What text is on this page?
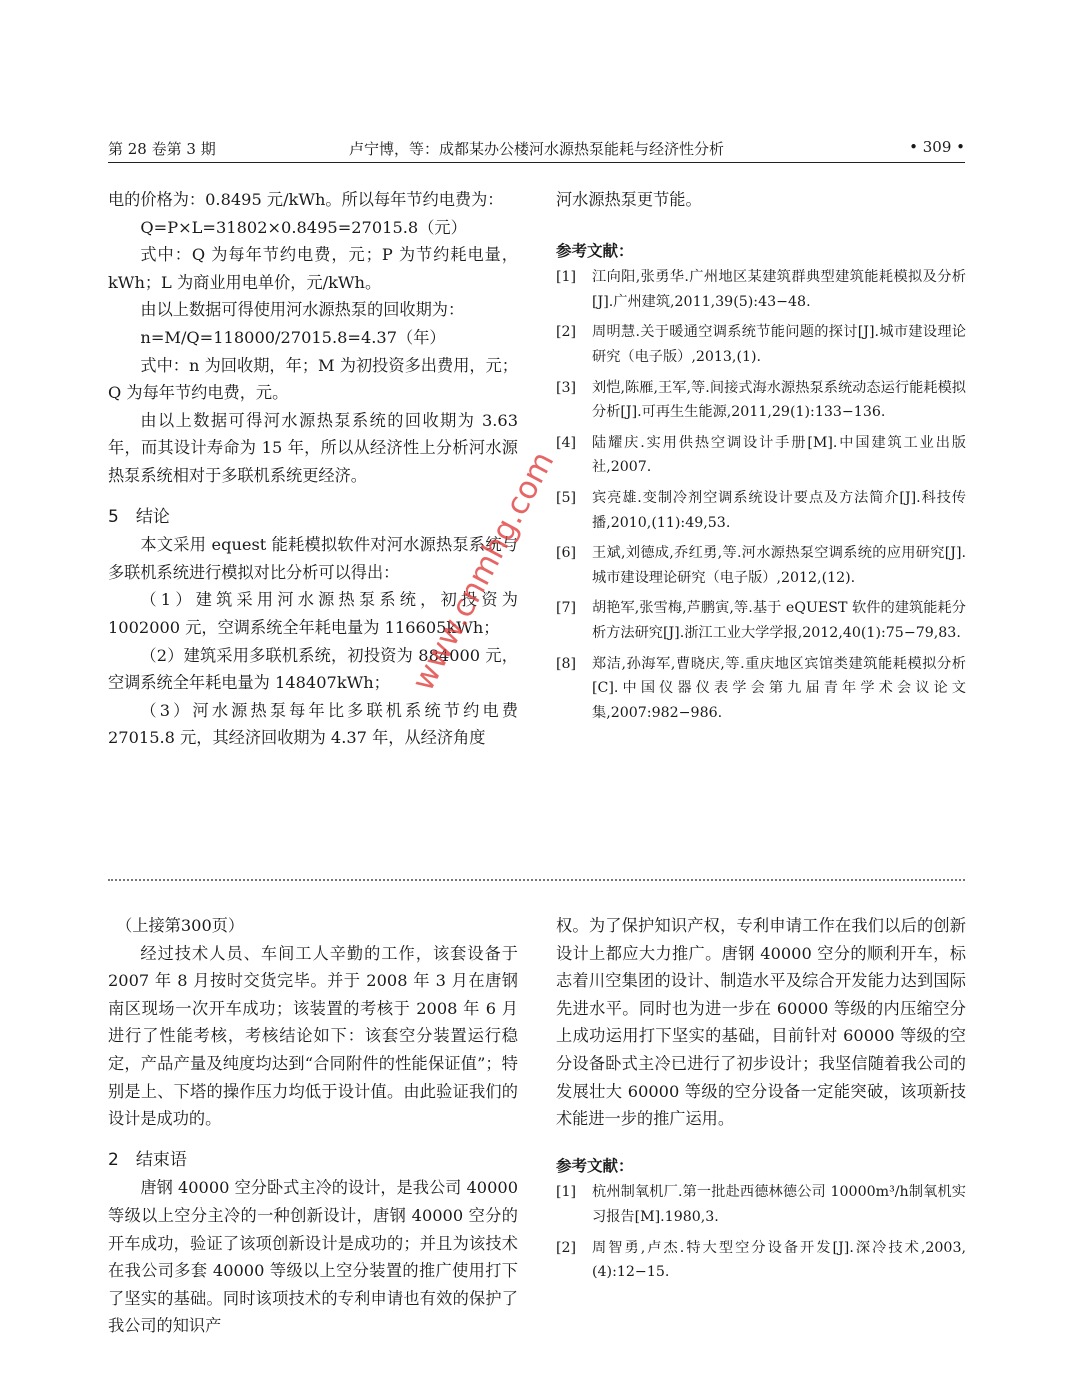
第 28 卷第 3 期	卢宁博，等：成都某办公楼河水源热泵能耗与经济性分析	• 309 •

电的价格为：0.8495 元/kWh。所以每年节约电费为：

Q=P×L=31802×0.8495=27015.8（元）

式中：Q 为每年节约电费，元；P 为节约耗电量，kWh；L 为商业用电单价，元/kWh。

由以上数据可得使用河水源热泵的回收期为：

n=M/Q=118000/27015.8=4.37（年）

式中：n 为回收期，年；M 为初投资多出费用，元；Q 为每年节约电费，元。

由以上数据可得河水源热泵系统的回收期为 3.63 年，而其设计寿命为 15 年，所以从经济性上分析河水源热泵系统相对于多联机系统更经济。

5　结论

本文采用 equest 能耗模拟软件对河水源热泵系统与多联机系统进行模拟对比分析可以得出：

（1）建筑采用河水源热泵系统，初投资为 1002000 元，空调系统全年耗电量为 116605kWh；

（2）建筑采用多联机系统，初投资为 884000 元，空调系统全年耗电量为 148407kWh；

（3）河水源热泵每年比多联机系统节约电费 27015.8 元，其经济回收期为 4.37 年，从经济角度

河水源热泵更节能。

参考文献：

[1] 江向阳,张勇华.广州地区某建筑群典型建筑能耗模拟及分析[J].广州建筑,2011,39(5):43−48.
[2] 周明慧.关于暖通空调系统节能问题的探讨[J].城市建设理论研究（电子版）,2013,(1).
[3] 刘恺,陈雁,王军,等.间接式海水源热泵系统动态运行能耗模拟分析[J].可再生生能源,2011,29(1):133−136.
[4] 陆耀庆.实用供热空调设计手册[M].中国建筑工业出版社,2007.
[5] 宾亮雄.变制冷剂空调系统设计要点及方法简介[J].科技传播,2010,(11):49,53.
[6] 王斌,刘德成,乔红勇,等.河水源热泵空调系统的应用研究[J].城市建设理论研究（电子版）,2012,(12).
[7] 胡艳军,张雪梅,芦鹏寅,等.基于 eQUEST 软件的建筑能耗分析方法研究[J].浙江工业大学学报,2012,40(1):75−79,83.
[8] 郑洁,孙海军,曹晓庆,等.重庆地区宾馆类建筑能耗模拟分析[C].中国仪器仪表学会第九届青年学术会议论文集,2007:982−986.

（上接第300页）

经过技术人员、车间工人辛勤的工作，该套设备于 2007 年 8 月按时交货完毕。并于 2008 年 3 月在唐钢南区现场一次开车成功；该装置的考核于 2008 年 6 月进行了性能考核，考核结论如下：该套空分装置运行稳定，产品产量及纯度均达到“合同附件的性能保证值”；特别是上、下塔的操作压力均低于设计值。由此验证我们的设计是成功的。

2　结束语

唐钢 40000 空分卧式主冷的设计，是我公司 40000 等级以上空分主冷的一种创新设计，唐钢 40000 空分的开车成功，验证了该项创新设计是成功的；并且为该技术在我公司多套 40000 等级以上空分装置的推广使用打下了坚实的基础。同时该项技术的专利申请也有效的保护了我公司的知识产

权。为了保护知识产权，专利申请工作在我们以后的创新设计上都应大力推广。唐钢 40000 空分的顺利开车，标志着川空集团的设计、制造水平及综合开发能力达到国际先进水平。同时也为进一步在 60000 等级的内压缩空分上成功运用打下坚实的基础，目前针对 60000 等级的空分设备卧式主冷已进行了初步设计；我坚信随着我公司的发展壮大 60000 等级的空分设备一定能突破，该项新技术能进一步的推广运用。

参考文献：

[1] 杭州制氧机厂.第一批赴西德林德公司 10000m³/h制氧机实习报告[M].1980,3.
[2] 周智勇,卢杰.特大型空分设备开发[J].深冷技术,2003,(4):12−15.
www.cnmhg.com
